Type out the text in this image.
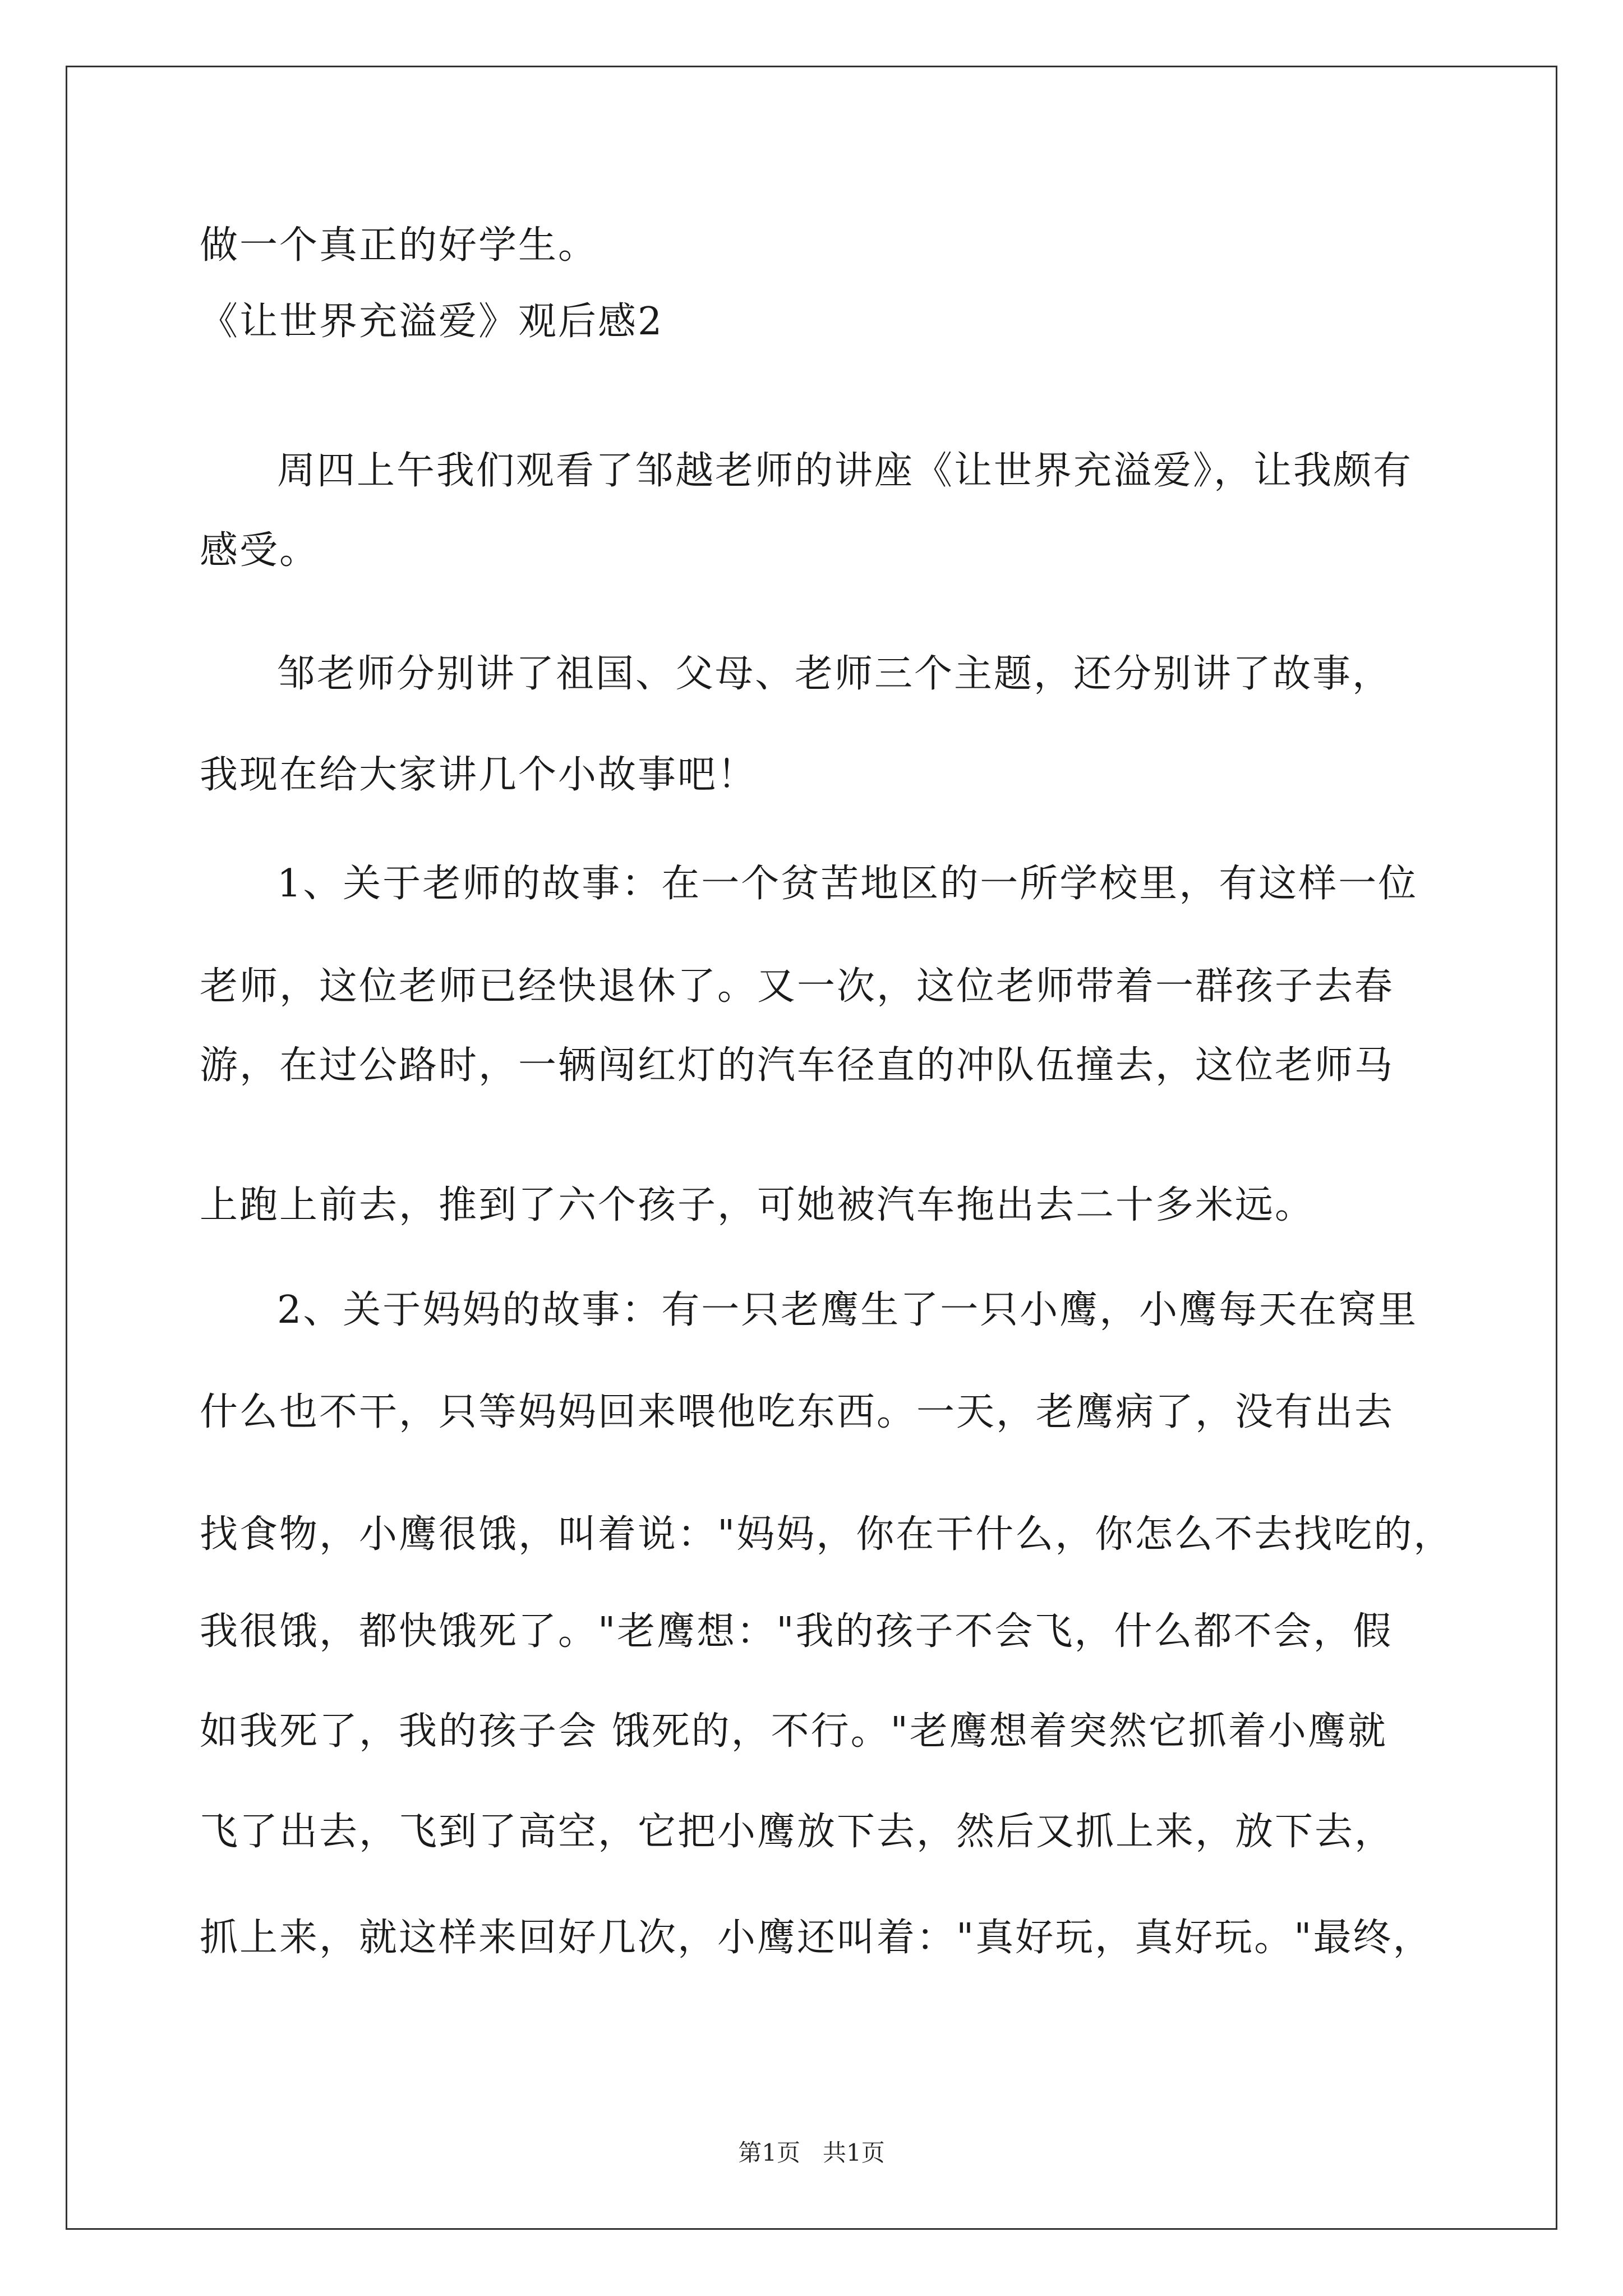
做一个真正的好学生。
《让世界充溢爱》观后感2
周四上午我们观看了邹越老师的讲座《让世界充溢爱》，让我颇有
感受。
邹老师分别讲了祖国、父母、老师三个主题，还分别讲了故事，
我现在给大家讲几个小故事吧！
1、关于老师的故事：在一个贫苦地区的一所学校里，有这样一位
老师，这位老师已经快退休了。又一次，这位老师带着一群孩子去春
游，在过公路时，一辆闯红灯的汽车径直的冲队伍撞去，这位老师马
上跑上前去，推到了六个孩子，可她被汽车拖出去二十多米远。
2、关于妈妈的故事：有一只老鹰生了一只小鹰，小鹰每天在窝里
什么也不干，只等妈妈回来喂他吃东西。一天，老鹰病了，没有出去
找食物，小鹰很饿，叫着说："妈妈，你在干什么，你怎么不去找吃的，
我很饿，都快饿死了。"老鹰想："我的孩子不会飞，什么都不会，假
如我死了，我的孩子会 饿死的，不行。"老鹰想着突然它抓着小鹰就
飞了出去，飞到了高空，它把小鹰放下去，然后又抓上来，放下去，
抓上来，就这样来回好几次，小鹰还叫着："真好玩，真好玩。"最终，
第1页   共1页
